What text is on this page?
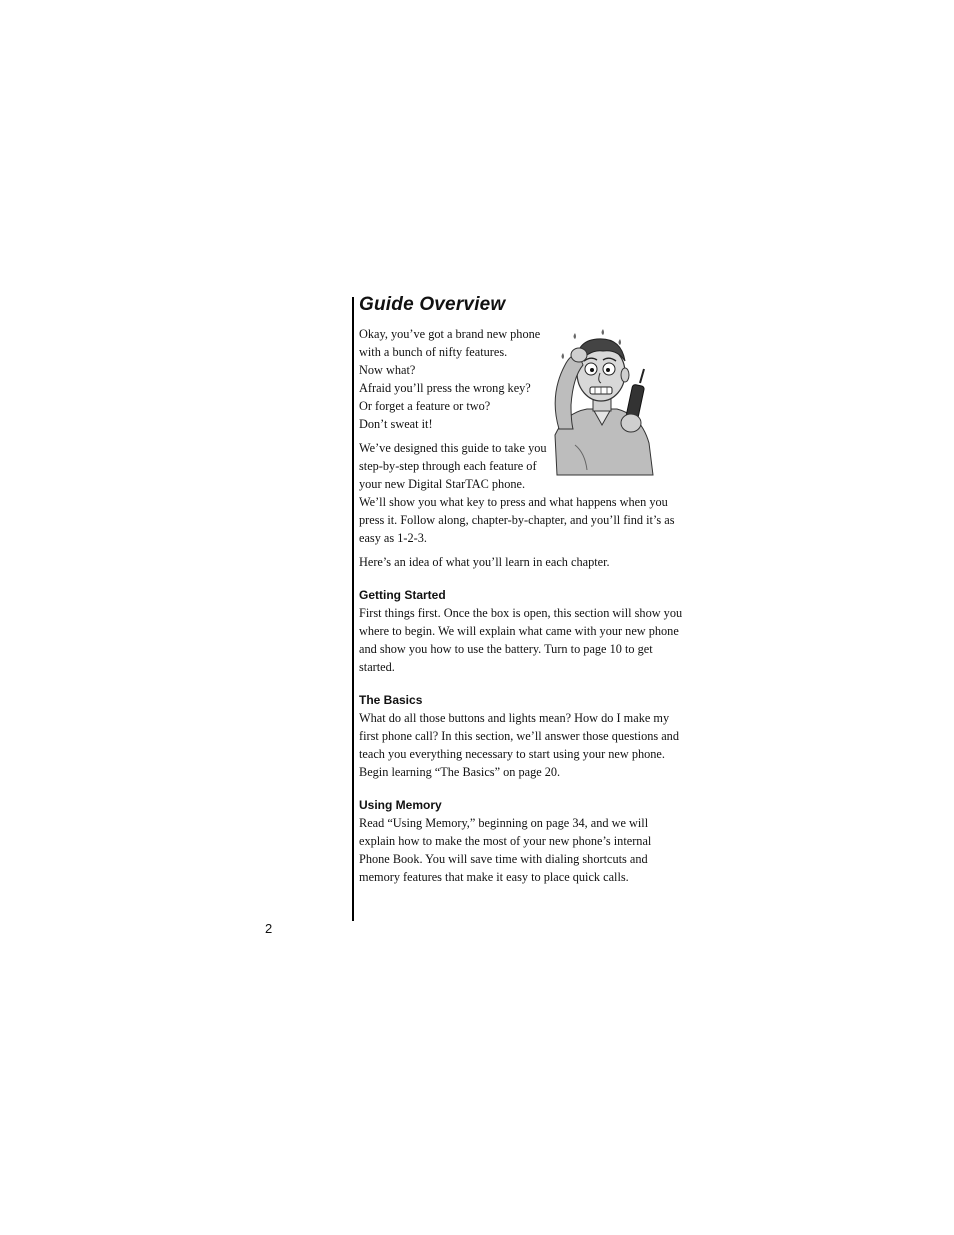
Guide Overview
Okay, you’ve got a brand new phone
with a bunch of nifty features.
Now what?
Afraid you’ll press the wrong key?
Or forget a feature or two?
Don’t sweat it!
We’ve designed this guide to take you
step-by-step through each feature of
your new Digital StarTAC phone.
We’ll show you what key to press and what happens when you
press it. Follow along, chapter-by-chapter, and you’ll find it’s as
easy as 1-2-3.
Here’s an idea of what you’ll learn in each chapter.
Getting Started
First things first. Once the box is open, this section will show you
where to begin. We will explain what came with your new phone
and show you how to use the battery. Turn to page 10 to get
started.
The Basics
What do all those buttons and lights mean? How do I make my
first phone call? In this section, we’ll answer those questions and
teach you everything necessary to start using your new phone.
Begin learning “The Basics” on page 20.
Using Memory
Read “Using Memory,” beginning on page 34, and we will
explain how to make the most of your new phone’s internal
Phone Book. You will save time with dialing shortcuts and
memory features that make it easy to place quick calls.
2
